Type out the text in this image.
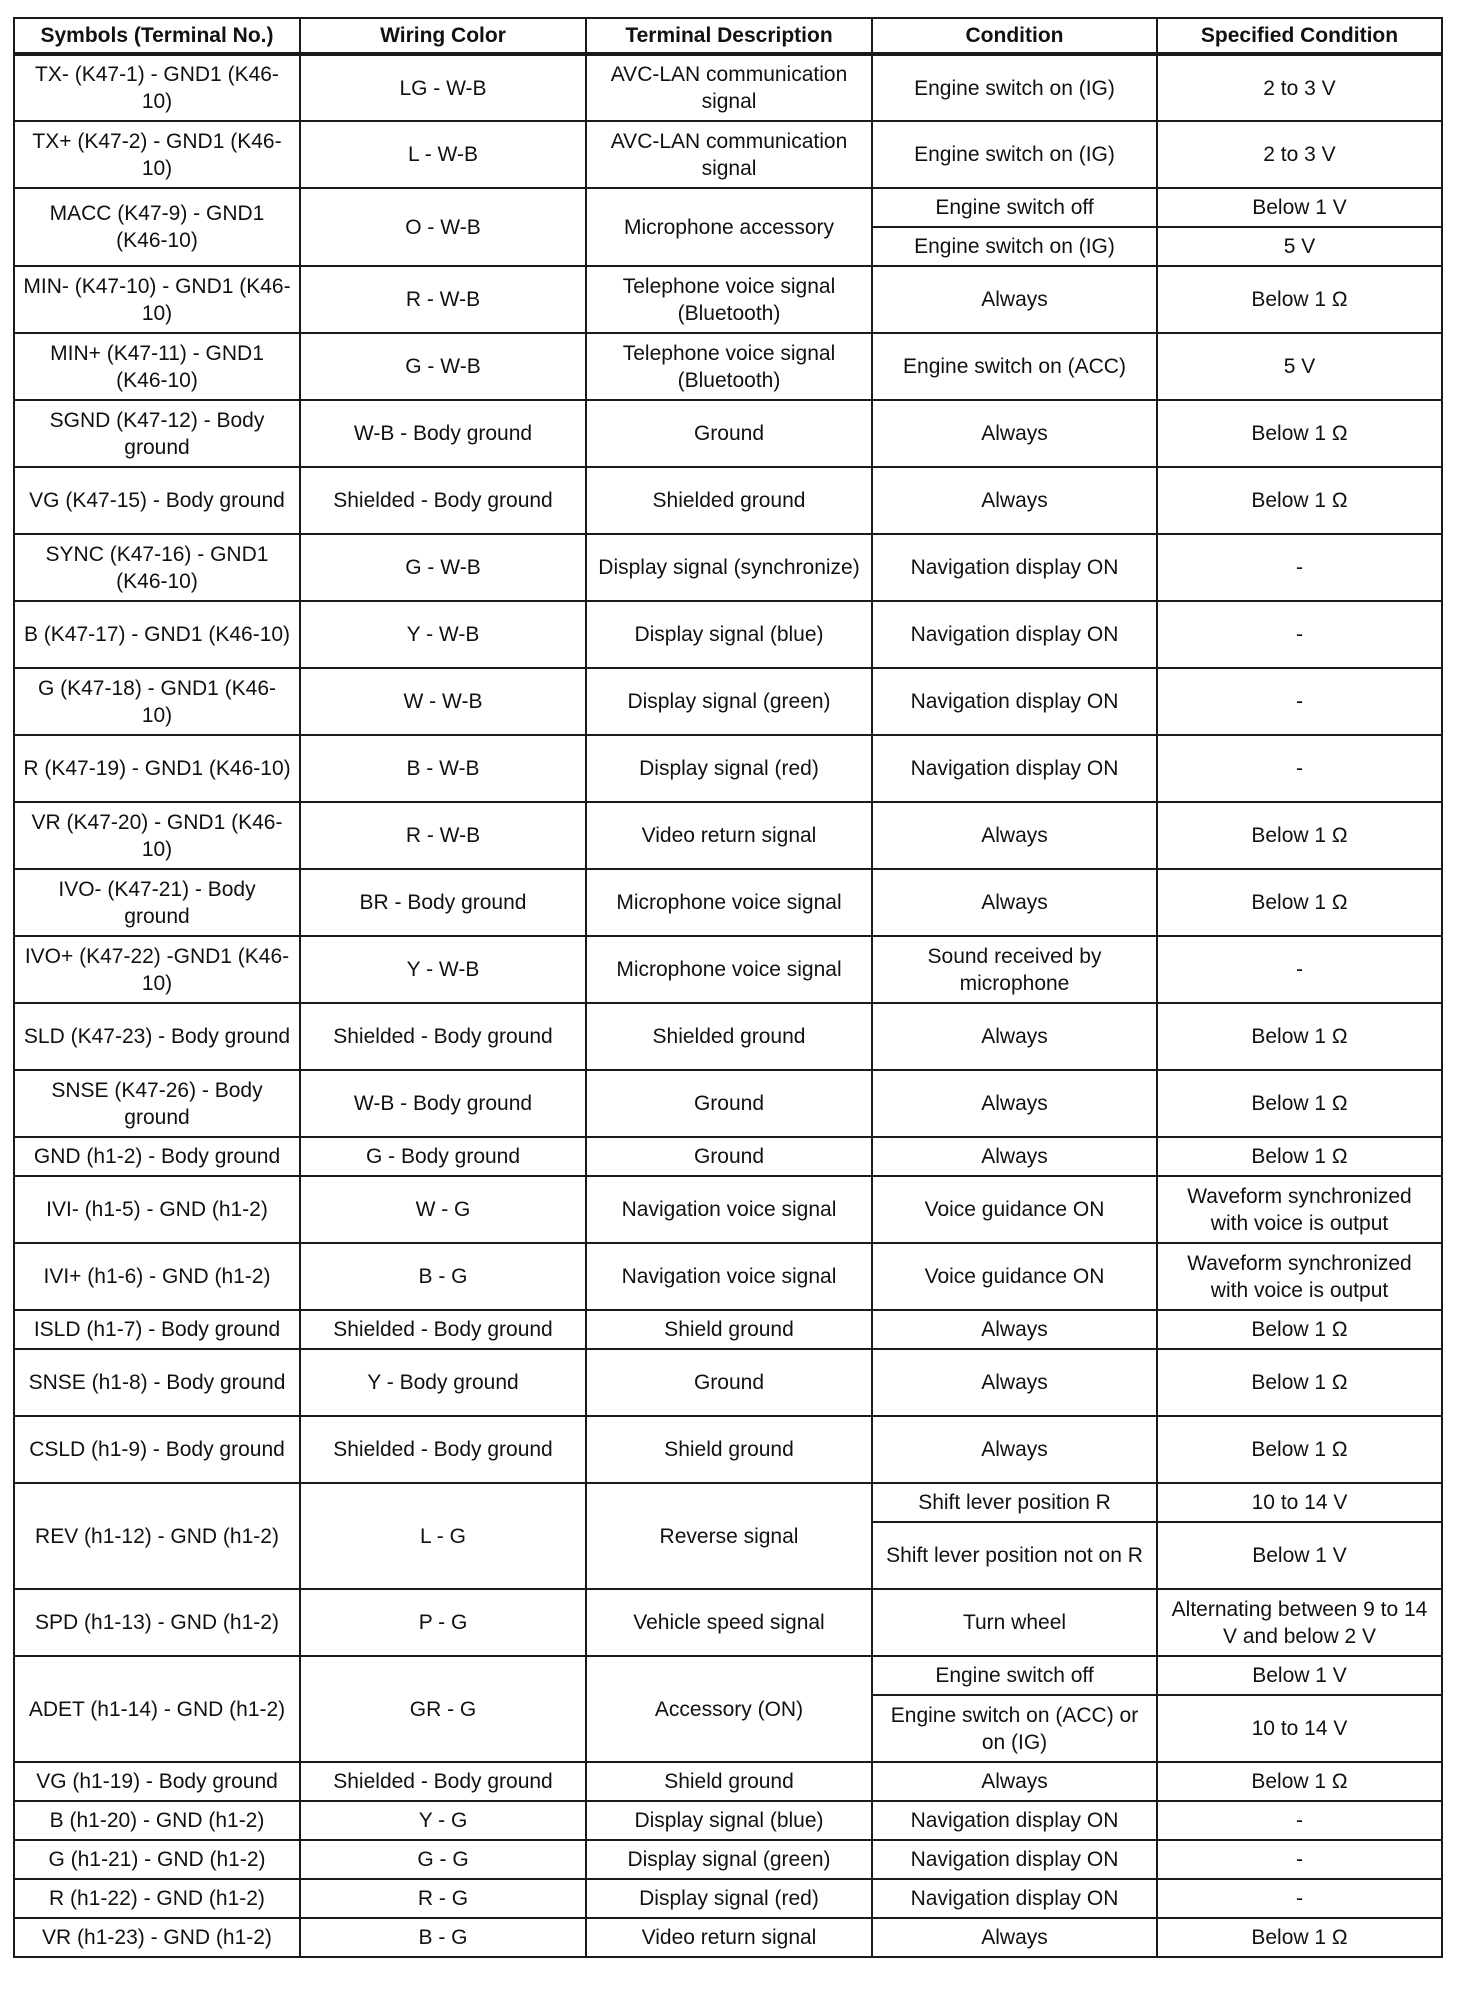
Symbols (Terminal No.)	Wiring Color	Terminal Description	Condition	Specified Condition
TX- (K47-1) - GND1 (K46-10)	LG - W-B	AVC-LAN communication signal	Engine switch on (IG)	2 to 3 V
TX+ (K47-2) - GND1 (K46-10)	L - W-B	AVC-LAN communication signal	Engine switch on (IG)	2 to 3 V
MACC (K47-9) - GND1 (K46-10)	O - W-B	Microphone accessory	Engine switch off	Below 1 V
			Engine switch on (IG)	5 V
MIN- (K47-10) - GND1 (K46-10)	R - W-B	Telephone voice signal (Bluetooth)	Always	Below 1 Ω
MIN+ (K47-11) - GND1 (K46-10)	G - W-B	Telephone voice signal (Bluetooth)	Engine switch on (ACC)	5 V
SGND (K47-12) - Body ground	W-B - Body ground	Ground	Always	Below 1 Ω
VG (K47-15) - Body ground	Shielded - Body ground	Shielded ground	Always	Below 1 Ω
SYNC (K47-16) - GND1 (K46-10)	G - W-B	Display signal (synchronize)	Navigation display ON	-
B (K47-17) - GND1 (K46-10)	Y - W-B	Display signal (blue)	Navigation display ON	-
G (K47-18) - GND1 (K46-10)	W - W-B	Display signal (green)	Navigation display ON	-
R (K47-19) - GND1 (K46-10)	B - W-B	Display signal (red)	Navigation display ON	-
VR (K47-20) - GND1 (K46-10)	R - W-B	Video return signal	Always	Below 1 Ω
IVO- (K47-21) - Body ground	BR - Body ground	Microphone voice signal	Always	Below 1 Ω
IVO+ (K47-22) -GND1 (K46-10)	Y - W-B	Microphone voice signal	Sound received by microphone	-
SLD (K47-23) - Body ground	Shielded - Body ground	Shielded ground	Always	Below 1 Ω
SNSE (K47-26) - Body ground	W-B - Body ground	Ground	Always	Below 1 Ω
GND (h1-2) - Body ground	G - Body ground	Ground	Always	Below 1 Ω
IVI- (h1-5) - GND (h1-2)	W - G	Navigation voice signal	Voice guidance ON	Waveform synchronized with voice is output
IVI+ (h1-6) - GND (h1-2)	B - G	Navigation voice signal	Voice guidance ON	Waveform synchronized with voice is output
ISLD (h1-7) - Body ground	Shielded - Body ground	Shield ground	Always	Below 1 Ω
SNSE (h1-8) - Body ground	Y - Body ground	Ground	Always	Below 1 Ω
CSLD (h1-9) - Body ground	Shielded - Body ground	Shield ground	Always	Below 1 Ω
REV (h1-12) - GND (h1-2)	L - G	Reverse signal	Shift lever position R	10 to 14 V
			Shift lever position not on R	Below 1 V
SPD (h1-13) - GND (h1-2)	P - G	Vehicle speed signal	Turn wheel	Alternating between 9 to 14 V and below 2 V
ADET (h1-14) - GND (h1-2)	GR - G	Accessory (ON)	Engine switch off	Below 1 V
			Engine switch on (ACC) or on (IG)	10 to 14 V
VG (h1-19) - Body ground	Shielded - Body ground	Shield ground	Always	Below 1 Ω
B (h1-20) - GND (h1-2)	Y - G	Display signal (blue)	Navigation display ON	-
G (h1-21) - GND (h1-2)	G - G	Display signal (green)	Navigation display ON	-
R (h1-22) - GND (h1-2)	R - G	Display signal (red)	Navigation display ON	-
VR (h1-23) - GND (h1-2)	B - G	Video return signal	Always	Below 1 Ω
